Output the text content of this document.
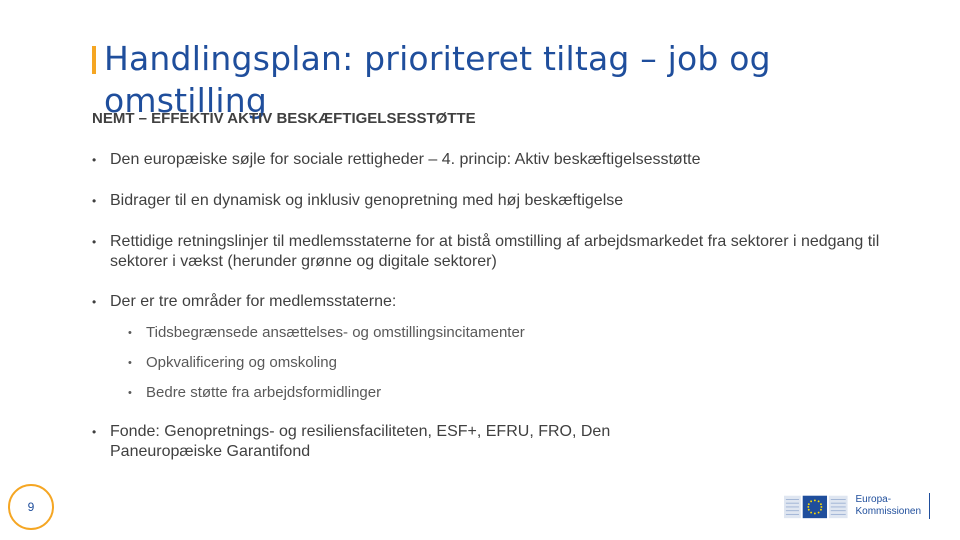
Handlingsplan: prioriteret tiltag – job og omstilling

NEMT – EFFEKTIV AKTIV BESKÆFTIGELSESSTØTTE

• Den europæiske søjle for sociale rettigheder – 4. princip: Aktiv beskæftigelsesstøtte
• Bidrager til en dynamisk og inklusiv genopretning med høj beskæftigelse
• Rettidige retningslinjer til medlemsstaterne for at bistå omstilling af arbejdsmarkedet fra sektorer i nedgang til sektorer i vækst (herunder grønne og digitale sektorer)
• Der er tre områder for medlemsstaterne:
• Tidsbegrænsede ansættelses- og omstillingsincitamenter
• Opkvalificering og omskoling
• Bedre støtte fra arbejdsformidlinger
• Fonde: Genopretnings- og resiliensfaciliteten, ESF+, EFRU, FRO, Den Paneuropæiske Garantifond
9
Europa-
Kommissionen
